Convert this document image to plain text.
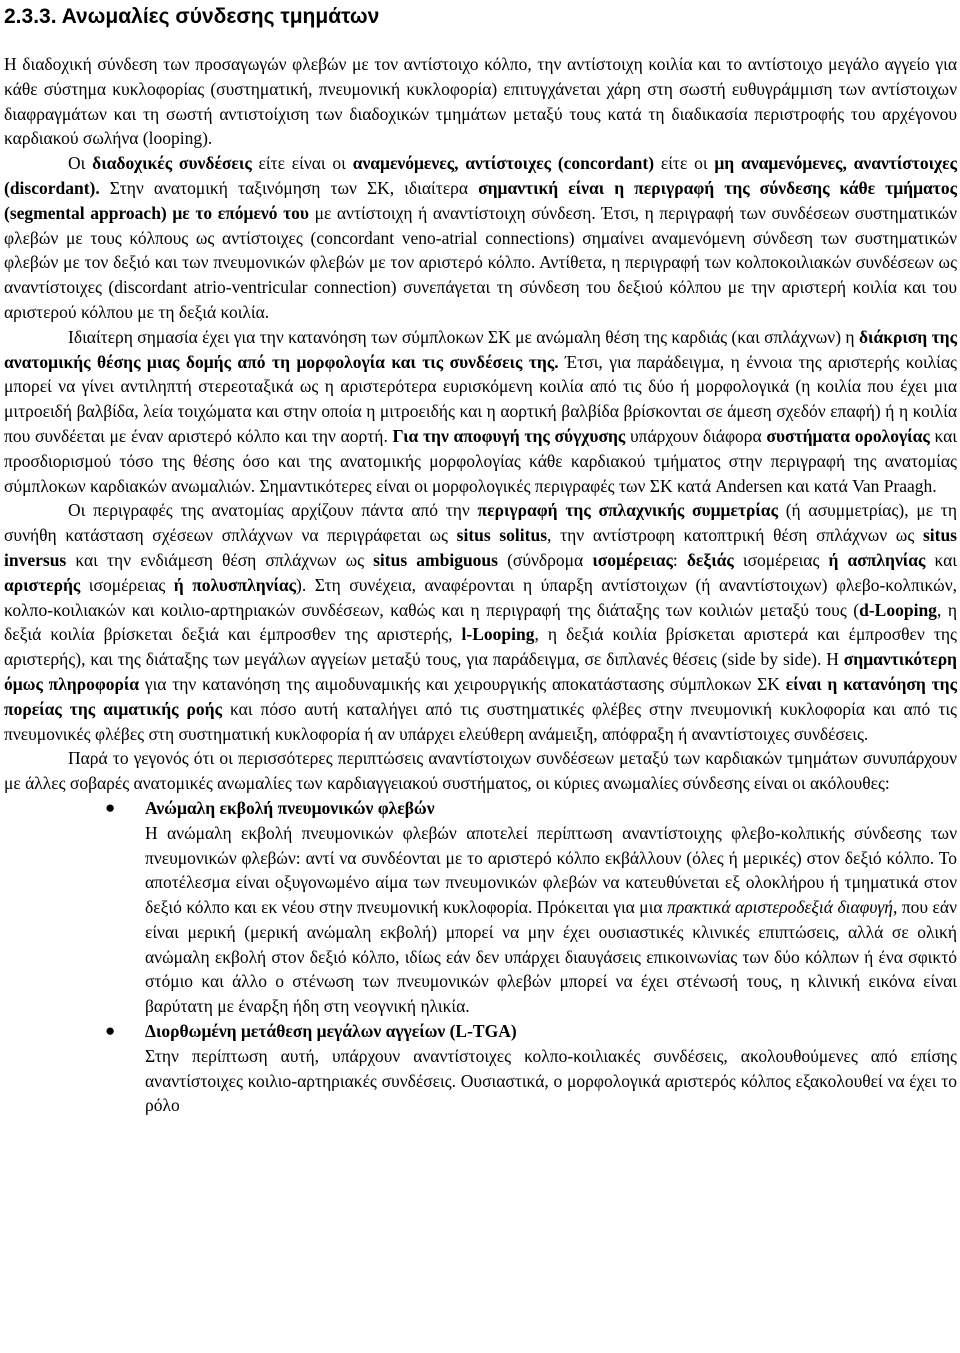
2.3.3. Ανωμαλίες σύνδεσης τμημάτων

Η διαδοχική σύνδεση των προσαγωγών φλεβών με τον αντίστοιχο κόλπο, την αντίστοιχη κοιλία και το αντίστοιχο μεγάλο αγγείο για κάθε σύστημα κυκλοφορίας (συστηματική, πνευμονική κυκλοφορία) επιτυγχάνεται χάρη στη σωστή ευθυγράμμιση των αντίστοιχων διαφραγμάτων και τη σωστή αντιστοίχιση των διαδοχικών τμημάτων μεταξύ τους κατά τη διαδικασία περιστροφής του αρχέγονου καρδιακού σωλήνα (looping).

Οι διαδοχικές συνδέσεις είτε είναι οι αναμενόμενες, αντίστοιχες (concordant) είτε οι μη αναμενόμενες, αναντίστοιχες (discordant). Στην ανατομική ταξινόμηση των ΣΚ, ιδιαίτερα σημαντική είναι η περιγραφή της σύνδεσης κάθε τμήματος (segmental approach) με το επόμενό του με αντίστοιχη ή αναντίστοιχη σύνδεση. Έτσι, η περιγραφή των συνδέσεων συστηματικών φλεβών με τους κόλπους ως αντίστοιχες (concordant veno-atrial connections) σημαίνει αναμενόμενη σύνδεση των συστηματικών φλεβών με τον δεξιό και των πνευμονικών φλεβών με τον αριστερό κόλπο. Αντίθετα, η περιγραφή των κολποκοιλιακών συνδέσεων ως αναντίστοιχες (discordant atrio-ventricular connection) συνεπάγεται τη σύνδεση του δεξιού κόλπου με την αριστερή κοιλία και του αριστερού κόλπου με τη δεξιά κοιλία.

Ιδιαίτερη σημασία έχει για την κατανόηση των σύμπλοκων ΣΚ με ανώμαλη θέση της καρδιάς (και σπλάχνων) η διάκριση της ανατομικής θέσης μιας δομής από τη μορφολογία και τις συνδέσεις της. Έτσι, για παράδειγμα, η έννοια της αριστερής κοιλίας μπορεί να γίνει αντιληπτή στερεοταξικά ως η αριστερότερα ευρισκόμενη κοιλία από τις δύο ή μορφολογικά (η κοιλία που έχει μια μιτροειδή βαλβίδα, λεία τοιχώματα και στην οποία η μιτροειδής και η αορτική βαλβίδα βρίσκονται σε άμεση σχεδόν επαφή) ή η κοιλία που συνδέεται με έναν αριστερό κόλπο και την αορτή. Για την αποφυγή της σύγχυσης υπάρχουν διάφορα συστήματα ορολογίας και προσδιορισμού τόσο της θέσης όσο και της ανατομικής μορφολογίας κάθε καρδιακού τμήματος στην περιγραφή της ανατομίας σύμπλοκων καρδιακών ανωμαλιών. Σημαντικότερες είναι οι μορφολογικές περιγραφές των ΣΚ κατά Andersen και κατά Van Praagh.

Οι περιγραφές της ανατομίας αρχίζουν πάντα από την περιγραφή της σπλαχνικής συμμετρίας (ή ασυμμετρίας), με τη συνήθη κατάσταση σχέσεων σπλάχνων να περιγράφεται ως situs solitus, την αντίστροφη κατοπτρική θέση σπλάχνων ως situs inversus και την ενδιάμεση θέση σπλάχνων ως situs ambiguous (σύνδρομα ισομέρειας: δεξιάς ισομέρειας ή ασπληνίας και αριστερής ισομέρειας ή πολυσπληνίας). Στη συνέχεια, αναφέρονται η ύπαρξη αντίστοιχων (ή αναντίστοιχων) φλεβο-κολπικών, κολπο-κοιλιακών και κοιλιο-αρτηριακών συνδέσεων, καθώς και η περιγραφή της διάταξης των κοιλιών μεταξύ τους (d-Looping, η δεξιά κοιλία βρίσκεται δεξιά και έμπροσθεν της αριστερής, l-Looping, η δεξιά κοιλία βρίσκεται αριστερά και έμπροσθεν της αριστερής), και της διάταξης των μεγάλων αγγείων μεταξύ τους, για παράδειγμα, σε διπλανές θέσεις (side by side). Η σημαντικότερη όμως πληροφορία για την κατανόηση της αιμοδυναμικής και χειρουργικής αποκατάστασης σύμπλοκων ΣΚ είναι η κατανόηση της πορείας της αιματικής ροής και πόσο αυτή καταλήγει από τις συστηματικές φλέβες στην πνευμονική κυκλοφορία και από τις πνευμονικές φλέβες στη συστηματική κυκλοφορία ή αν υπάρχει ελεύθερη ανάμειξη, απόφραξη ή αναντίστοιχες συνδέσεις.

Παρά το γεγονός ότι οι περισσότερες περιπτώσεις αναντίστοιχων συνδέσεων μεταξύ των καρδιακών τμημάτων συνυπάρχουν με άλλες σοβαρές ανατομικές ανωμαλίες των καρδιαγγειακού συστήματος, οι κύριες ανωμαλίες σύνδεσης είναι οι ακόλουθες:

● Ανώμαλη εκβολή πνευμονικών φλεβών

Η ανώμαλη εκβολή πνευμονικών φλεβών αποτελεί περίπτωση αναντίστοιχης φλεβο-κολπικής σύνδεσης των πνευμονικών φλεβών: αντί να συνδέονται με το αριστερό κόλπο εκβάλλουν (όλες ή μερικές) στον δεξιό κόλπο. Το αποτέλεσμα είναι οξυγονωμένο αίμα των πνευμονικών φλεβών να κατευθύνεται εξ ολοκλήρου ή τμηματικά στον δεξιό κόλπο και εκ νέου στην πνευμονική κυκλοφορία. Πρόκειται για μια πρακτικά αριστεροδεξιά διαφυγή, που εάν είναι μερική (μερική ανώμαλη εκβολή) μπορεί να μην έχει ουσιαστικές κλινικές επιπτώσεις, αλλά σε ολική ανώμαλη εκβολή στον δεξιό κόλπο, ιδίως εάν δεν υπάρχει διαυγάσεις επικοινωνίας των δύο κόλπων ή ένα σφικτό στόμιο και άλλο ο στένωση των πνευμονικών φλεβών μπορεί να έχει στένωσή τους, η κλινική εικόνα είναι βαρύτατη με έναρξη ήδη στη νεογνική ηλικία.

● Διορθωμένη μετάθεση μεγάλων αγγείων (L-TGA)

Στην περίπτωση αυτή, υπάρχουν αναντίστοιχες κολπο-κοιλιακές συνδέσεις, ακολουθούμενες από επίσης αναντίστοιχες κοιλιο-αρτηριακές συνδέσεις. Ουσιαστικά, ο μορφολογικά αριστερός κόλπος εξακολουθεί να έχει το ρόλο
